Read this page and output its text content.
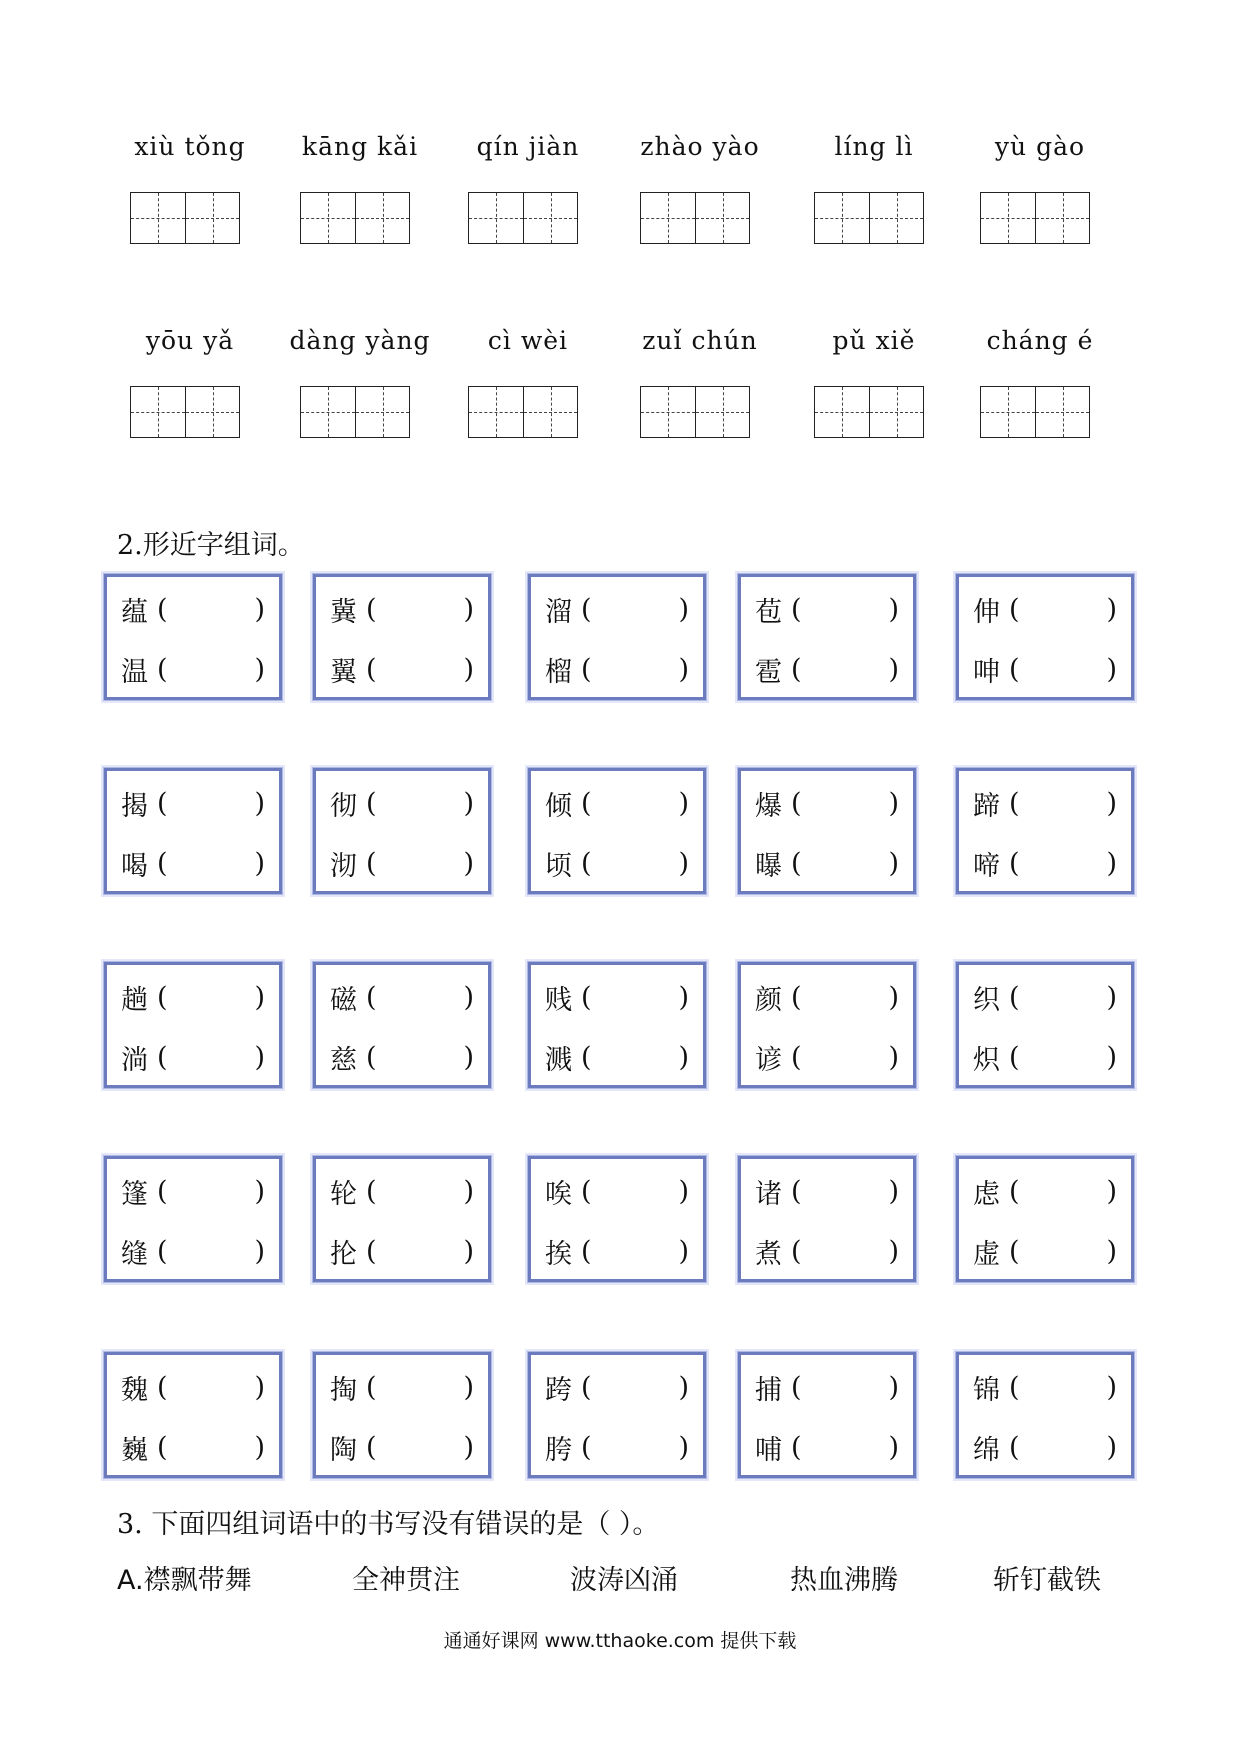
xiù tǒng	kāng kǎi	qín jiàn	zhào yào	líng lì	yù gào
yōu yǎ	dàng yàng	cì wèi	zuǐ chún	pǔ xiě	cháng é
2.形近字组词。
蕴 (	)
温 (	)
冀 (	)
翼 (	)
溜 (	)
榴 (	)
苞 (	)
雹 (	)
伸 (	)
呻 (	)
揭 (	)
喝 (	)
彻 (	)
沏 (	)
倾 (	)
顷 (	)
爆 (	)
曝 (	)
蹄 (	)
啼 (	)
趟 (	)
淌 (	)
磁 (	)
慈 (	)
贱 (	)
溅 (	)
颜 (	)
谚 (	)
织 (	)
炽 (	)
篷 (	)
缝 (	)
轮 (	)
抡 (	)
唉 (	)
挨 (	)
诸 (	)
煮 (	)
虑 (	)
虚 (	)
魏 (	)
巍 (	)
掏 (	)
陶 (	)
跨 (	)
胯 (	)
捕 (	)
哺 (	)
锦 (	)
绵 (	)
3. 下面四组词语中的书写没有错误的是（ ）。
A.襟飘带舞	全神贯注	波涛凶涌	热血沸腾	斩钉截铁
通通好课网 www.tthaoke.com 提供下载
